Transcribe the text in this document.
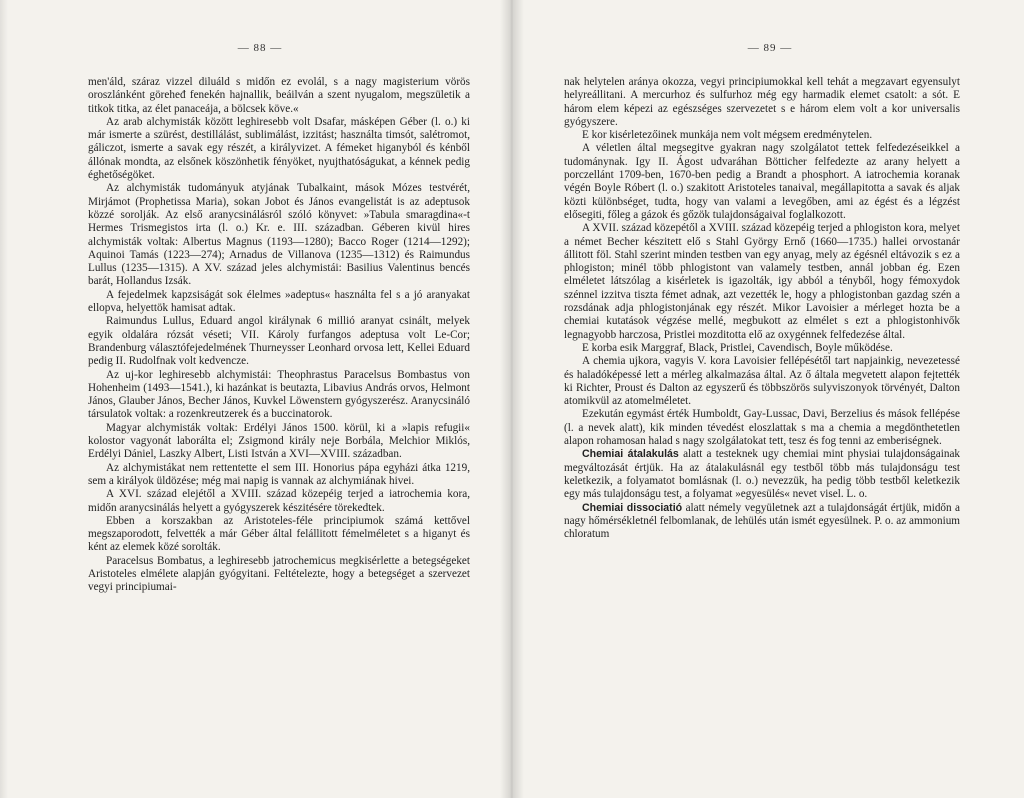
— 88 —

men'áld, száraz vizzel diluáld s midőn ez evolál, s a nagy magisterium vörös oroszlánként göreheđ fenekén hajnallik, beáilván a szent nyugalom, megszületik a titkok titka, az élet panaceája, a bölcsek köve.«

Az arab alchymisták között leghiresebb volt Dsafar, másképen Géber (l. o.) ki már ismerte a szürést, destillálást, sublimálást, izzitást; használta timsót, salétromot, gáliczot, ismerte a savak egy részét, a királyvizet. A fémeket higanyból és kénből állónak mondta, az elsőnek köszönhetik fényöket, nyujthatóságukat, a kénnek pedig éghetőségöket.

Az alchymisták tudományuk atyjának Tubalkaint, mások Mózes testvérét, Mirjámot (Prophetissa Maria), sokan Jobot és János evangelistát is az adeptusok közzé sorolják. Az első aranycsinálásról szóló könyvet: »Tabula smaragdina«-t Hermes Trismegistos irta (l. o.) Kr. e. III. században. Géberen kivül hires alchymisták voltak: Albertus Magnus (1193—1280); Bacco Roger (1214—1292); Aquinoi Tamás (1223—274); Arnadus de Villanova (1235—1312) és Raimundus Lullus (1235—1315). A XV. század jeles alchymistái: Basilius Valentinus bencés barát, Hollandus Izsák.

A fejedelmek kapzsiságát sok élelmes »adeptus« használta fel s a jó aranyakat ellopva, helyettök hamisat adtak.

Raimundus Lullus, Eduard angol királynak 6 millió aranyat csinált, melyek egyik oldalára rózsát véseti; VII. Károly furfangos adeptusa volt Le-Cor; Brandenburg választófejedelmének Thurneysser Leonhard orvosa lett, Kellei Eduard pedig II. Rudolfnak volt kedvencze.

Az uj-kor leghiresebb alchymistái: Theophrastus Paracelsus Bombastus von Hohenheim (1493—1541.), ki hazánkat is beutazta, Libavius András orvos, Helmont János, Glauber János, Becher János, Kuvkel Löwenstern gyógyszerész. Aranycsináló társulatok voltak: a rozenkreutzerek és a buccinatorok.

Magyar alchymisták voltak: Erdélyi János 1500. körül, ki a »lapis refugii« kolostor vagyonát laborálta el; Zsigmond király neje Borbála, Melchior Miklós, Erdélyi Dániel, Laszky Albert, Listi István a XVI—XVIII. században.

Az alchymistákat nem rettentette el sem III. Honorius pápa egyházi átka 1219, sem a királyok üldözése; még mai napig is vannak az alchymiának hivei.

A XVI. század elejétől a XVIII. század közepéig terjed a iatrochemia kora, midőn aranycsinálás helyett a gyógyszerek készitésére törekedtek.

Ebben a korszakban az Aristoteles-féle principiumok számá kettővel megszaporodott, felvették a már Géber által felállitott fémelméletet s a higanyt és ként az elemek közé sorolták.

Paracelsus Bombatus, a leghiresebb jatrochemicus megkisérlette a betegségeket Aristoteles elmélete alapján gyógyitani. Feltételezte, hogy a betegséget a szervezet vegyi principiumai-

— 89 —

nak helytelen aránya okozza, vegyi principiumokkal kell tehát a megzavart egyensulyt helyreállitani. A mercurhoz és sulfurhoz még egy harmadik elemet csatolt: a sót. E három elem képezi az egészséges szervezetet s e három elem volt a kor universalis gyógyszere.

E kor kisérletezőinek munkája nem volt mégsem eredménytelen.

A véletlen által megsegitve gyakran nagy szolgálatot tettek felfedezéseikkel a tudománynak. Igy II. Ágost udvaráhan Bötticher felfedezte az arany helyett a porczellánt 1709-ben, 1670-ben pedig a Brandt a phosphort. A iatrochemia koranak végén Boyle Róbert (l. o.) szakitott Aristoteles tanaival, megállapitotta a savak és aljak közti különbséget, tudta, hogy van valami a levegőben, ami az égést és a légzést elősegiti, főleg a gázok és gőzök tulajdonságaival foglalkozott.

A XVII. század közepétől a XVIII. század közepéig terjed a phlogiston kora, melyet a német Becher készitett elő s Stahl György Ernő (1660—1735.) hallei orvostanár állitott föl. Stahl szerint minden testben van egy anyag, mely az égésnél eltávozik s ez a phlogiston; minél több phlogistont van valamely testben, annál jobban ég. Ezen elméletet látszólag a kisérletek is igazolták, igy abból a tényből, hogy fémoxydok szénnel izzitva tiszta fémet adnak, azt vezették le, hogy a phlogistonban gazdag szén a rozsdának adja phlogistonjának egy részét. Mikor Lavoisier a mérleget hozta be a chemiai kutatások végzése mellé, megbukott az elmélet s ezt a phlogistonhivők legnagyobb harczosa, Pristlei mozditotta elő az oxygénnek felfedezése által.

E korba esik Marggraf, Black, Pristlei, Cavendisch, Boyle működése.

A chemia ujkora, vagyis V. kora Lavoisier fellépésétől tart napjainkig, nevezetessé és haladóképessé lett a mérleg alkalmazása által. Az ő általa megvetett alapon fejtették ki Richter, Proust és Dalton az egyszerű és többszörös sulyviszonyok törvényét, Dalton atomikvül az atomelméletet.

Ezekután egymást érték Humboldt, Gay-Lussac, Davi, Berzelius és mások fellépése (l. a nevek alatt), kik minden tévedést eloszlattak s ma a chemia a megdönthetetlen alapon rohamosan halad s nagy szolgálatokat tett, tesz és fog tenni az emberiségnek.

Chemiai átalakulás alatt a testeknek ugy chemiai mint physiai tulajdonságainak megváltozását értjük. Ha az átalakulásnál egy testből több más tulajdonságu test keletkezik, a folyamatot bomlásnak (l. o.) nevezzük, ha pedig több testből keletkezik egy más tulajdonságu test, a folyamat »egyesülés« nevet visel. L. o.

Chemiai dissociatió alatt némely vegyületnek azt a tulajdonságát értjük, midőn a nagy hőmérsékletnél felbomlanak, de lehülés után ismét egyesülnek. P. o. az ammonium chloratum
